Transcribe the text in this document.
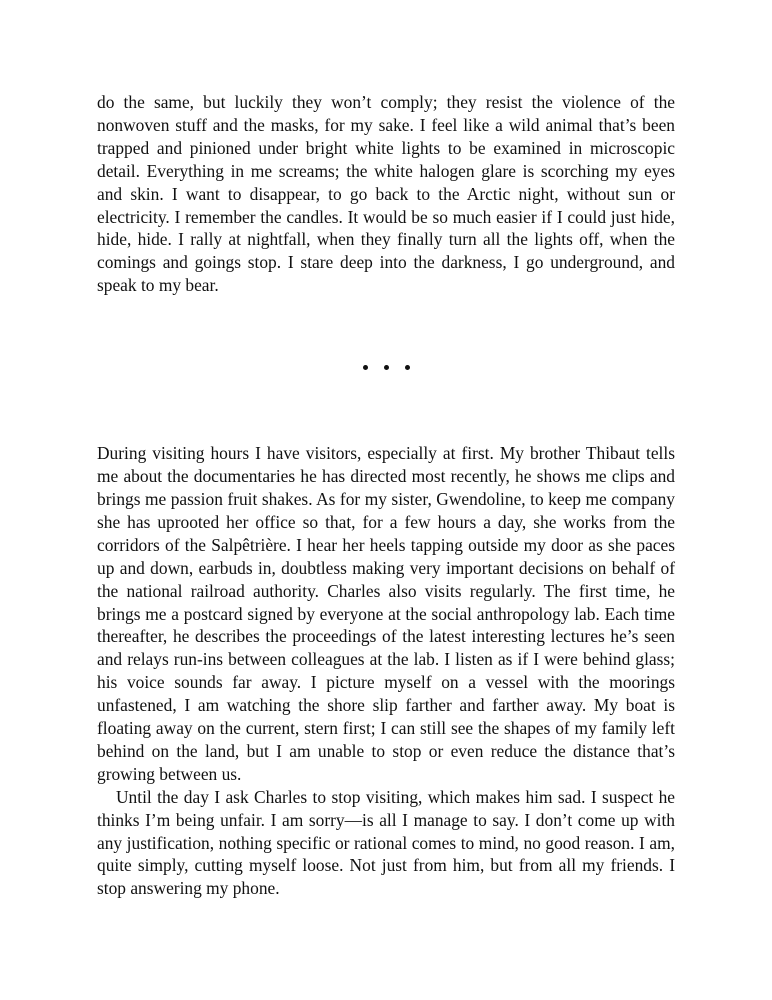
do the same, but luckily they won’t comply; they resist the violence of the nonwoven stuff and the masks, for my sake. I feel like a wild animal that’s been trapped and pinioned under bright white lights to be examined in microscopic detail. Everything in me screams; the white halogen glare is scorching my eyes and skin. I want to disappear, to go back to the Arctic night, without sun or electricity. I remember the candles. It would be so much easier if I could just hide, hide, hide. I rally at nightfall, when they finally turn all the lights off, when the comings and goings stop. I stare deep into the darkness, I go underground, and speak to my bear.

During visiting hours I have visitors, especially at first. My brother Thibaut tells me about the documentaries he has directed most recently, he shows me clips and brings me passion fruit shakes. As for my sister, Gwendoline, to keep me company she has uprooted her office so that, for a few hours a day, she works from the corridors of the Salpêtrière. I hear her heels tapping outside my door as she paces up and down, earbuds in, doubtless making very important decisions on behalf of the national railroad authority. Charles also visits regularly. The first time, he brings me a postcard signed by everyone at the social anthropology lab. Each time thereafter, he describes the proceedings of the latest interesting lectures he’s seen and relays run-ins between colleagues at the lab. I listen as if I were behind glass; his voice sounds far away. I picture myself on a vessel with the moorings unfastened, I am watching the shore slip farther and farther away. My boat is floating away on the current, stern first; I can still see the shapes of my family left behind on the land, but I am unable to stop or even reduce the distance that’s growing between us.

Until the day I ask Charles to stop visiting, which makes him sad. I suspect he thinks I’m being unfair. I am sorry—is all I manage to say. I don’t come up with any justification, nothing specific or rational comes to mind, no good reason. I am, quite simply, cutting myself loose. Not just from him, but from all my friends. I stop answering my phone.
